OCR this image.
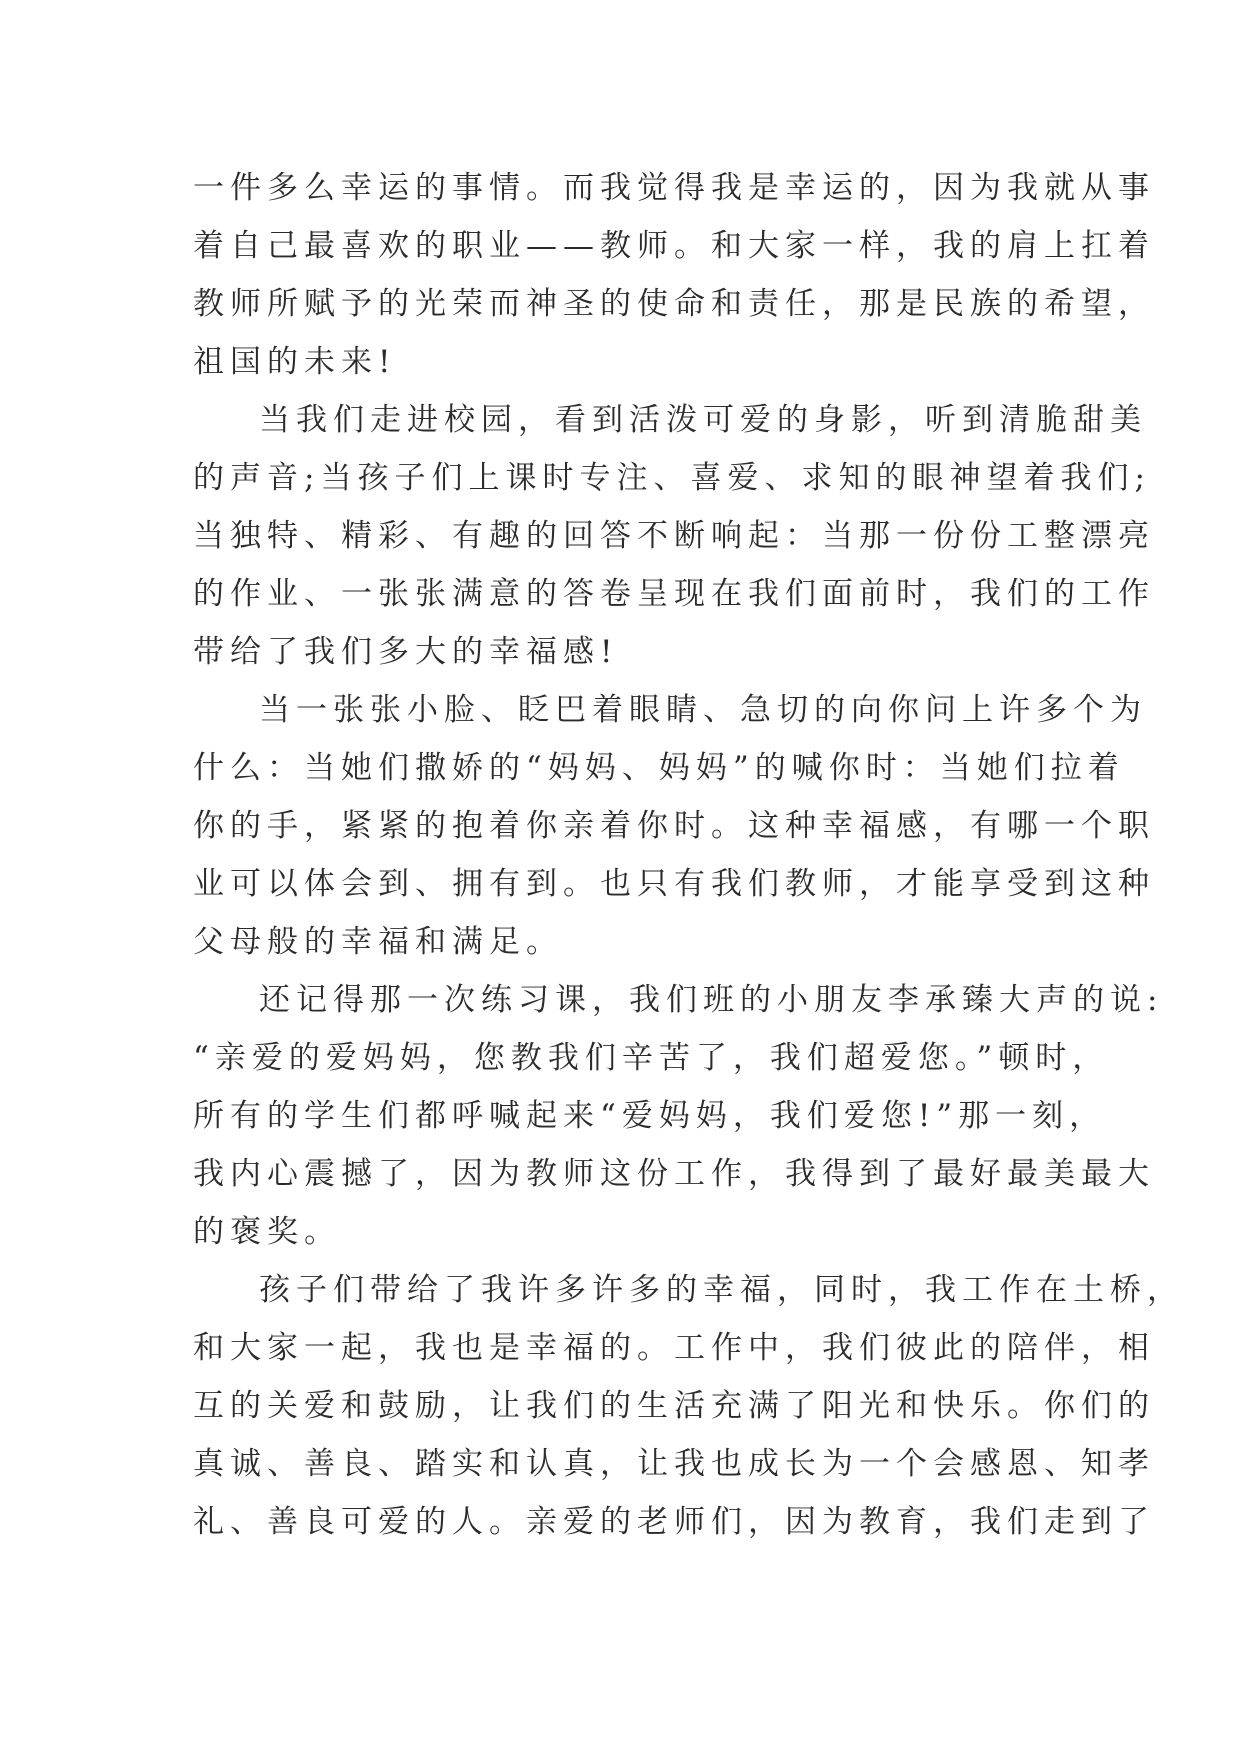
一件多么幸运的事情。而我觉得我是幸运的，因为我就从事
着自己最喜欢的职业——教师。和大家一样，我的肩上扛着
教师所赋予的光荣而神圣的使命和责任，那是民族的希望，
祖国的未来!

当我们走进校园，看到活泼可爱的身影，听到清脆甜美
的声音;当孩子们上课时专注、喜爱、求知的眼神望着我们;
当独特、精彩、有趣的回答不断响起：当那一份份工整漂亮
的作业、一张张满意的答卷呈现在我们面前时，我们的工作
带给了我们多大的幸福感!

当一张张小脸、眨巴着眼睛、急切的向你问上许多个为
什么：当她们撒娇的“妈妈、妈妈”的喊你时：当她们拉着
你的手，紧紧的抱着你亲着你时。这种幸福感，有哪一个职
业可以体会到、拥有到。也只有我们教师，才能享受到这种
父母般的幸福和满足。

还记得那一次练习课，我们班的小朋友李承臻大声的说:
“亲爱的爱妈妈，您教我们辛苦了，我们超爱您。”顿时，
所有的学生们都呼喊起来“爱妈妈，我们爱您!”那一刻，
我内心震撼了，因为教师这份工作，我得到了最好最美最大
的褒奖。

孩子们带给了我许多许多的幸福，同时，我工作在土桥，
和大家一起，我也是幸福的。工作中，我们彼此的陪伴，相
互的关爱和鼓励，让我们的生活充满了阳光和快乐。你们的
真诚、善良、踏实和认真，让我也成长为一个会感恩、知孝
礼、善良可爱的人。亲爱的老师们，因为教育，我们走到了
